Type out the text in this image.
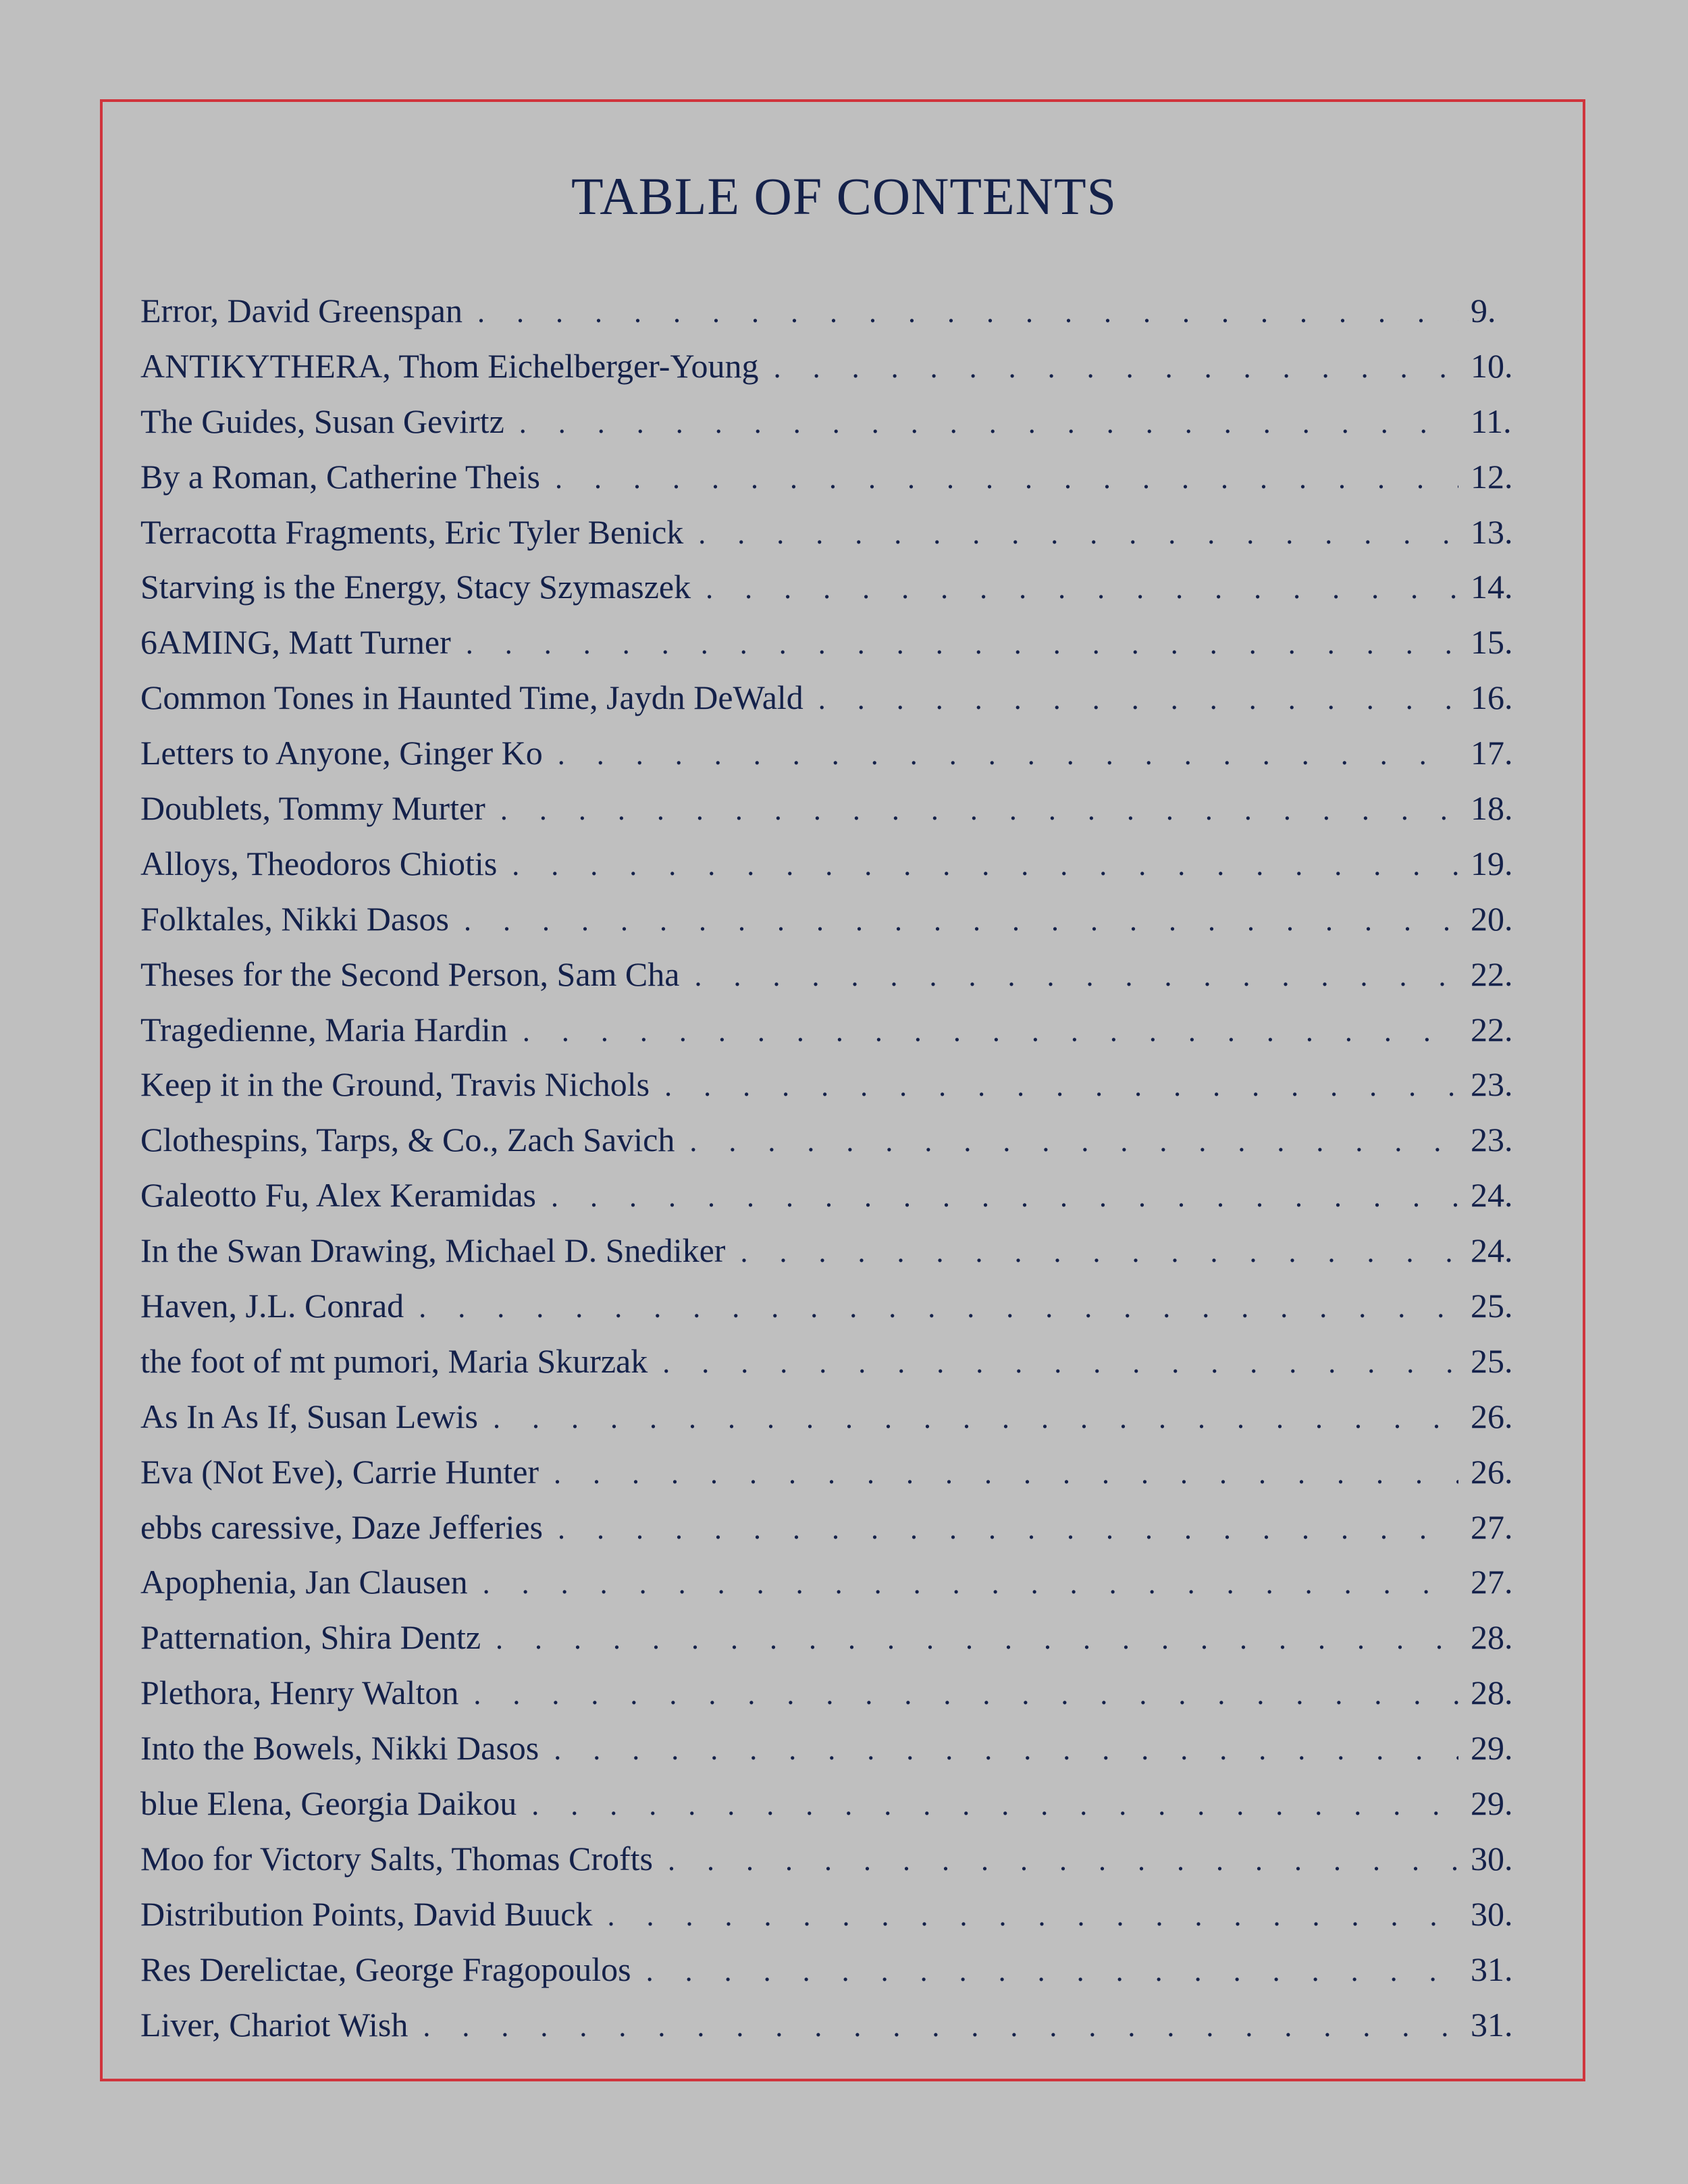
TABLE OF CONTENTS
Error, David Greenspan . . .	9.
ANTIKYTHERA, Thom Eichelberger-Young . . .	10.
The Guides, Susan Gevirtz . . .	11.
By a Roman, Catherine Theis . . .	12.
Terracotta Fragments, Eric Tyler Benick . . .	13.
Starving is the Energy, Stacy Szymaszek . . .	14.
6AMING, Matt Turner . . .	15.
Common Tones in Haunted Time, Jaydn DeWald . . .	16.
Letters to Anyone, Ginger Ko . . .	17.
Doublets, Tommy Murter . . .	18.
Alloys, Theodoros Chiotis . . .	19.
Folktales, Nikki Dasos . . .	20.
Theses for the Second Person, Sam Cha . . .	22.
Tragedienne, Maria Hardin . . .	22.
Keep it in the Ground, Travis Nichols . . .	23.
Clothespins, Tarps, & Co., Zach Savich . . .	23.
Galeotto Fu, Alex Keramidas . . .	24.
In the Swan Drawing, Michael D. Snediker . . .	24.
Haven, J.L. Conrad . . .	25.
the foot of mt pumori, Maria Skurzak . . .	25.
As In As If, Susan Lewis . . .	26.
Eva (Not Eve), Carrie Hunter . . .	26.
ebbs caressive, Daze Jefferies . . .	27.
Apophenia, Jan Clausen . . .	27.
Patternation, Shira Dentz . . .	28.
Plethora, Henry Walton . . .	28.
Into the Bowels, Nikki Dasos . . .	29.
blue Elena, Georgia Daikou . . .	29.
Moo for Victory Salts, Thomas Crofts . . .	30.
Distribution Points, David Buuck . . .	30.
Res Derelictae, George Fragopoulos . . .	31.
Liver, Chariot Wish . . .	31.
